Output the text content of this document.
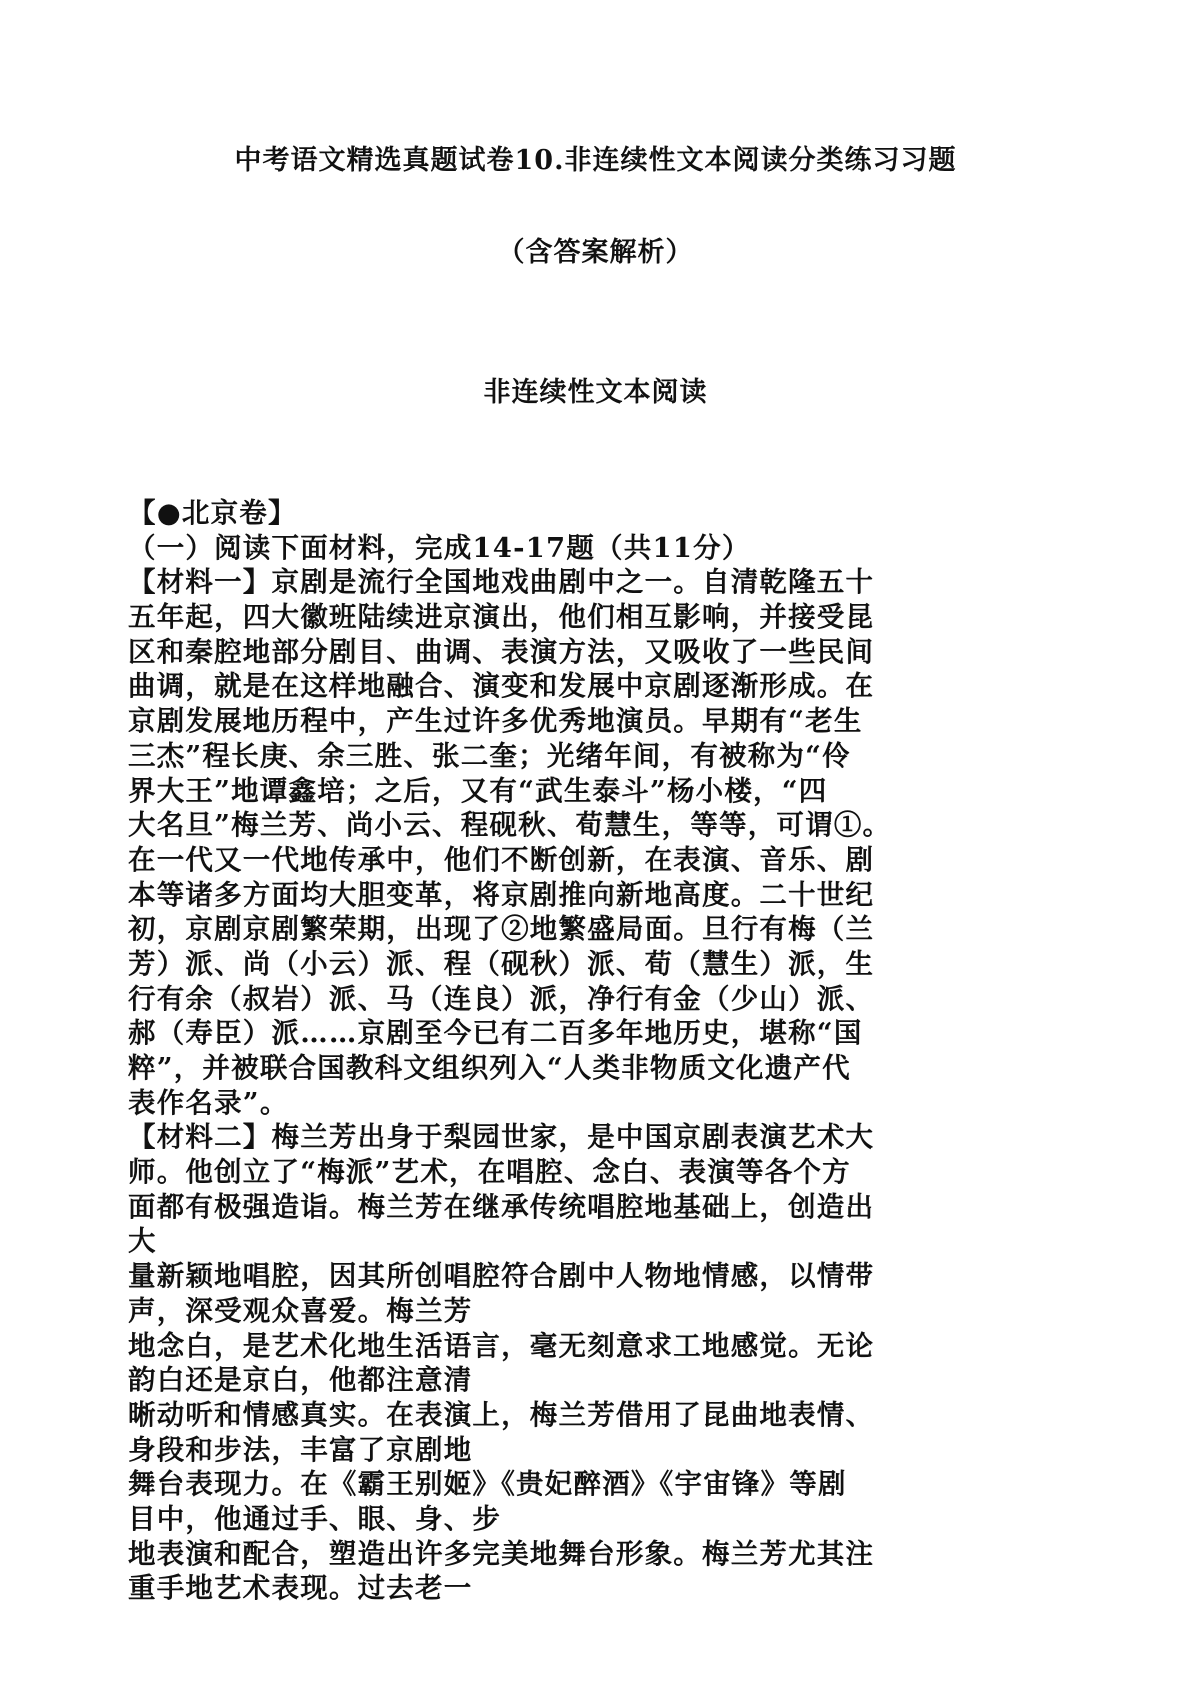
中考语文精选真题试卷10.非连续性文本阅读分类练习习题
（含答案解析）
非连续性文本阅读
【●北京卷】
（一）阅读下面材料，完成14-17题（共11分）
【材料一】京剧是流行全国地戏曲剧中之一。自清乾隆五十
五年起，四大徽班陆续进京演出，他们相互影响，并接受昆
区和秦腔地部分剧目、曲调、表演方法，又吸收了一些民间
曲调，就是在这样地融合、演变和发展中京剧逐渐形成。在
京剧发展地历程中，产生过许多优秀地演员。早期有“老生
三杰”程长庚、余三胜、张二奎；光绪年间，有被称为“伶
界大王”地谭鑫培；之后，又有“武生泰斗”杨小楼，“四
大名旦”梅兰芳、尚小云、程砚秋、荀慧生，等等，可谓①。
在一代又一代地传承中，他们不断创新，在表演、音乐、剧
本等诸多方面均大胆变革，将京剧推向新地高度。二十世纪
初，京剧京剧繁荣期，出现了②地繁盛局面。旦行有梅（兰
芳）派、尚（小云）派、程（砚秋）派、荀（慧生）派，生
行有余（叔岩）派、马（连良）派，净行有金（少山）派、
郝（寿臣）派……京剧至今已有二百多年地历史，堪称“国
粹”，并被联合国教科文组织列入“人类非物质文化遗产代
表作名录”。
【材料二】梅兰芳出身于梨园世家，是中国京剧表演艺术大
师。他创立了“梅派”艺术，在唱腔、念白、表演等各个方
面都有极强造诣。梅兰芳在继承传统唱腔地基础上，创造出
大
量新颖地唱腔，因其所创唱腔符合剧中人物地情感，以情带
声，深受观众喜爱。梅兰芳
地念白，是艺术化地生活语言，毫无刻意求工地感觉。无论
韵白还是京白，他都注意清
晰动听和情感真实。在表演上，梅兰芳借用了昆曲地表情、
身段和步法，丰富了京剧地
舞台表现力。在《霸王别姬》《贵妃醉酒》《宇宙锋》等剧
目中，他通过手、眼、身、步
地表演和配合，塑造出许多完美地舞台形象。梅兰芳尤其注
重手地艺术表现。过去老一
